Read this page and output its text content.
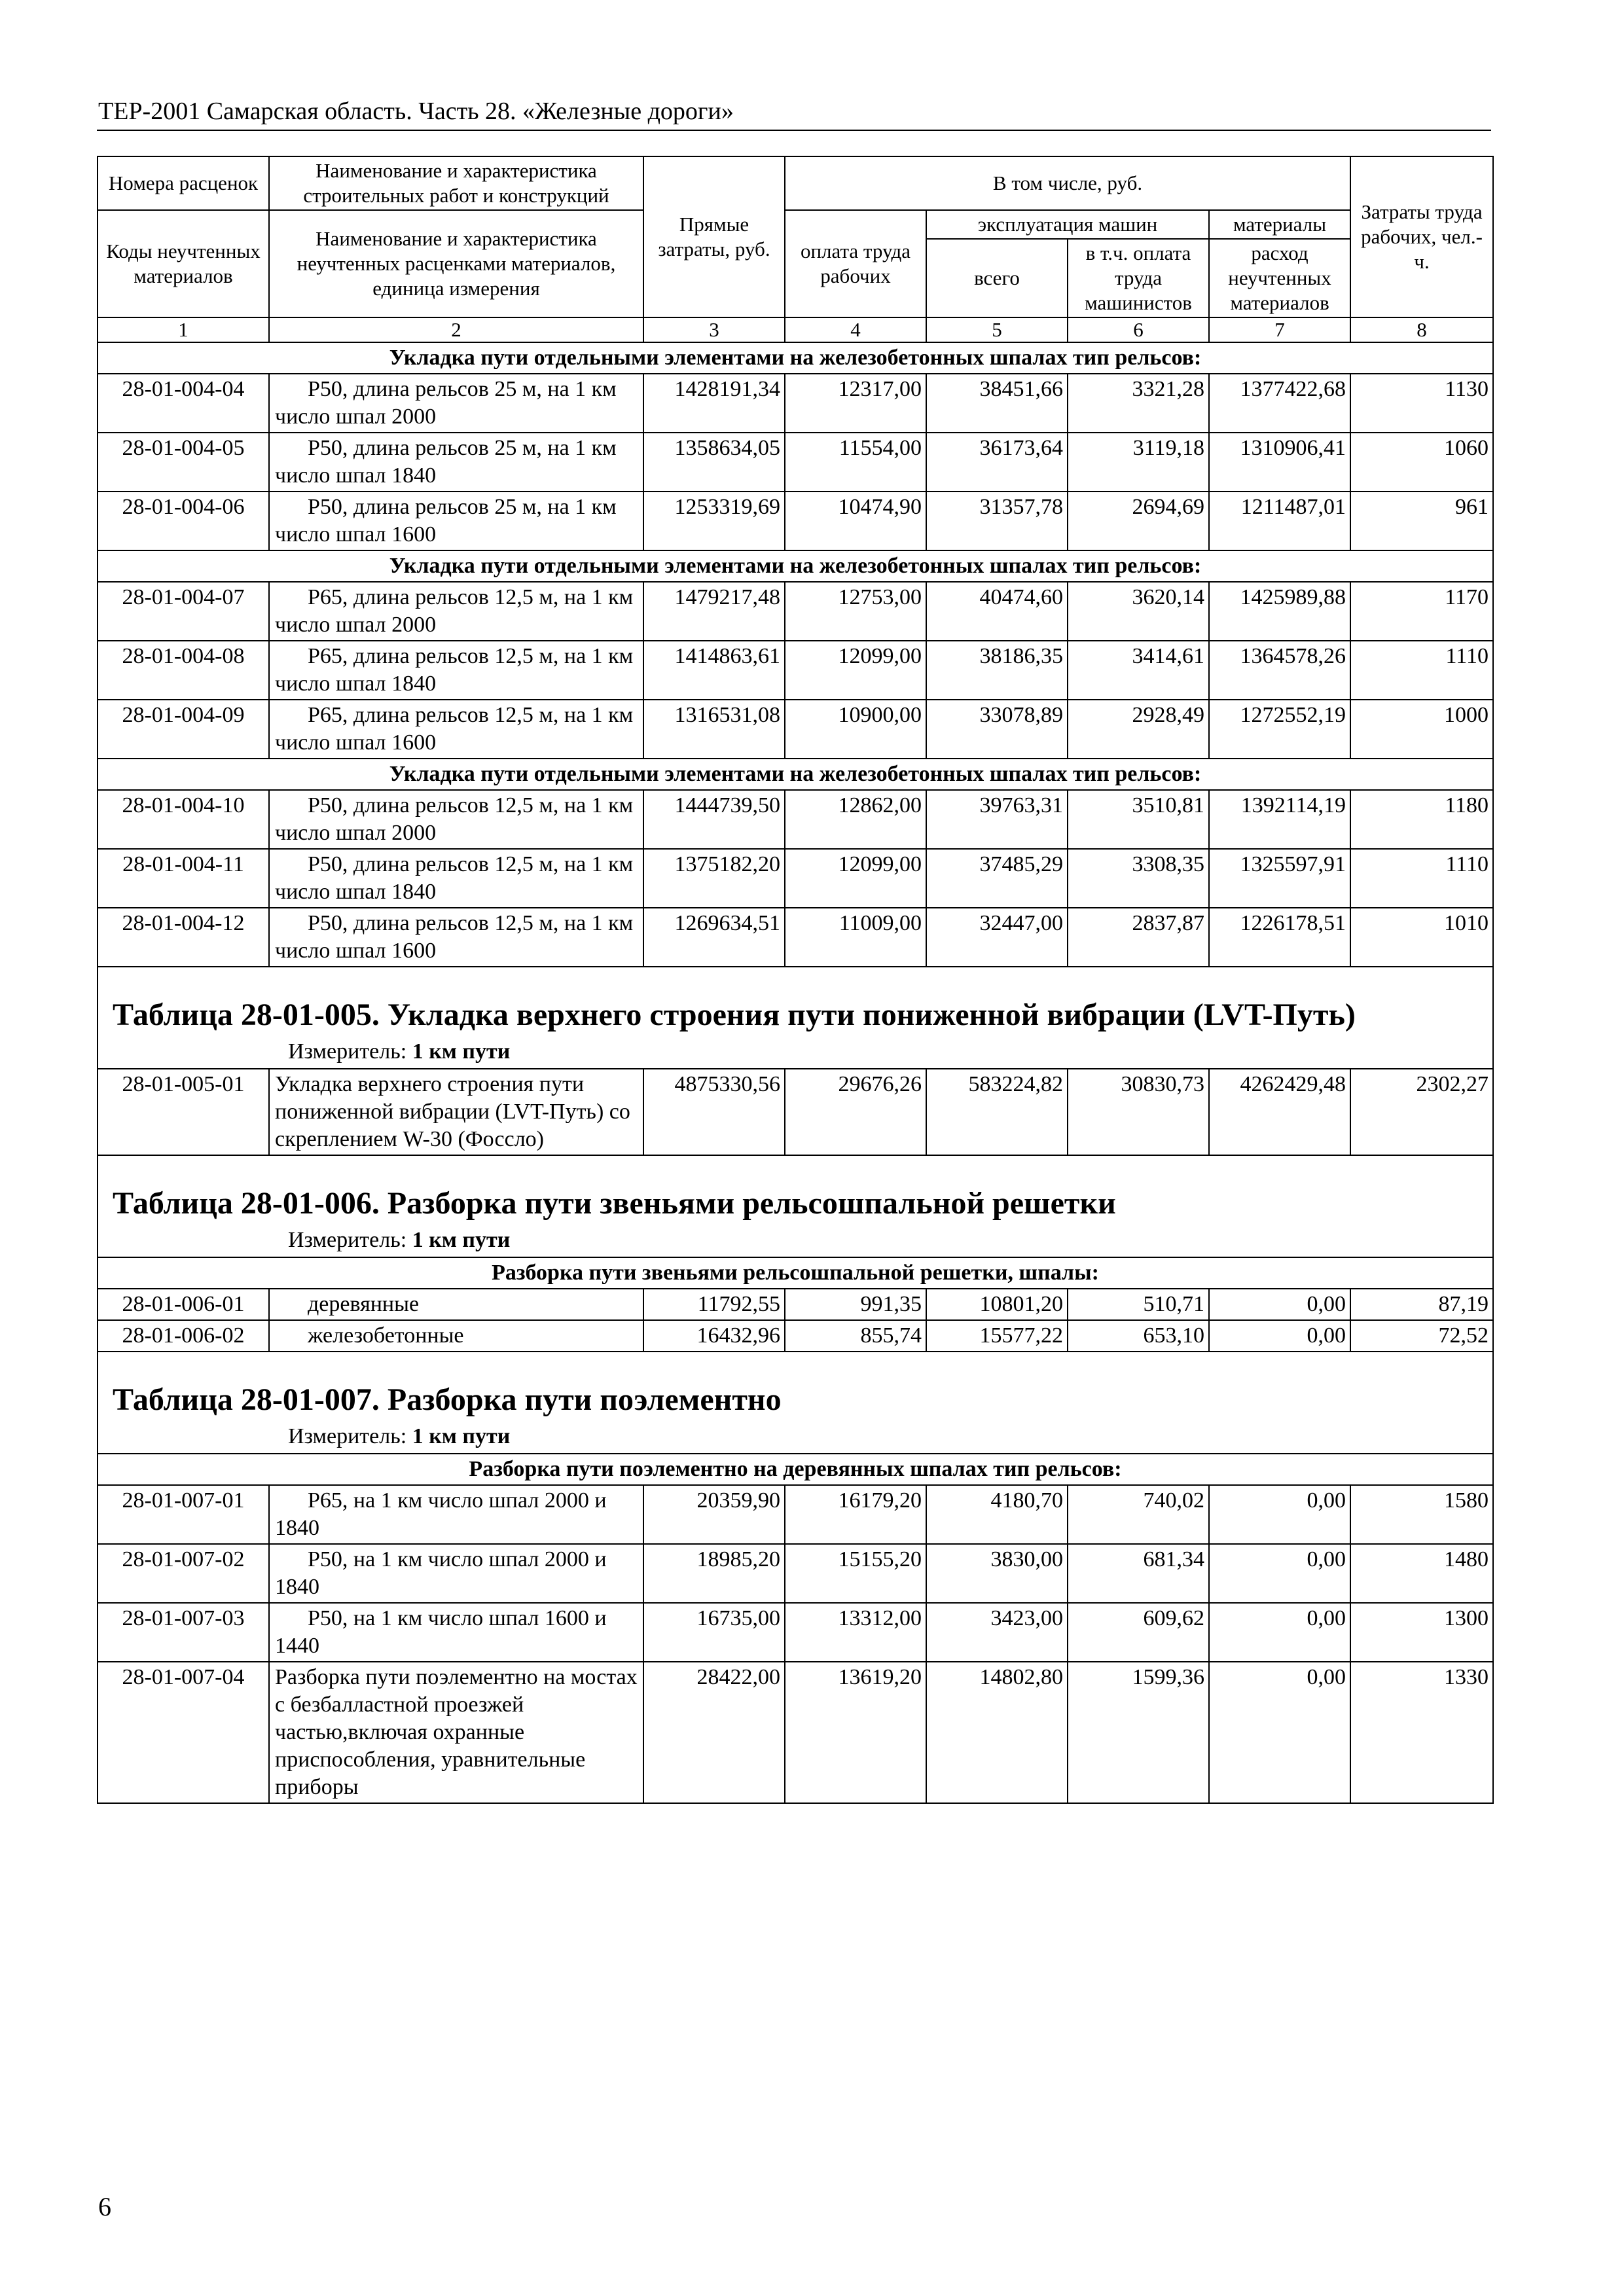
ТЕР-2001 Самарская область. Часть 28. «Железные дороги»
Номера расценок	Наименование и характеристика строительных работ и конструкций	Прямые затраты, руб.	В том числе, руб.				Затраты труда рабочих, чел.-ч.
Коды неучтенных материалов	Наименование и характеристика неучтенных расценками материалов, единица измерения		оплата труда рабочих	эксплуатация машин		материалы	
				всего	в т.ч. оплата труда машинистов	расход неучтенных материалов	
1	2	3	4	5	6	7	8
Укладка пути отдельными элементами на железобетонных шпалах тип рельсов:							
28-01-004-04	Р50, длина рельсов 25 м, на 1 км число шпал 2000	1428191,34	12317,00	38451,66	3321,28	1377422,68	1130
28-01-004-05	Р50, длина рельсов 25 м, на 1 км число шпал 1840	1358634,05	11554,00	36173,64	3119,18	1310906,41	1060
28-01-004-06	Р50, длина рельсов 25 м, на 1 км число шпал 1600	1253319,69	10474,90	31357,78	2694,69	1211487,01	961
Укладка пути отдельными элементами на железобетонных шпалах тип рельсов:							
28-01-004-07	Р65, длина рельсов 12,5 м, на 1 км число шпал 2000	1479217,48	12753,00	40474,60	3620,14	1425989,88	1170
28-01-004-08	Р65, длина рельсов 12,5 м, на 1 км число шпал 1840	1414863,61	12099,00	38186,35	3414,61	1364578,26	1110
28-01-004-09	Р65, длина рельсов 12,5 м, на 1 км число шпал 1600	1316531,08	10900,00	33078,89	2928,49	1272552,19	1000
Укладка пути отдельными элементами на железобетонных шпалах тип рельсов:							
28-01-004-10	Р50, длина рельсов 12,5 м, на 1 км число шпал 2000	1444739,50	12862,00	39763,31	3510,81	1392114,19	1180
28-01-004-11	Р50, длина рельсов 12,5 м, на 1 км число шпал 1840	1375182,20	12099,00	37485,29	3308,35	1325597,91	1110
28-01-004-12	Р50, длина рельсов 12,5 м, на 1 км число шпал 1600	1269634,51	11009,00	32447,00	2837,87	1226178,51	1010
Таблица 28-01-005. Укладка верхнего строения пути пониженной вибрации (LVT-Путь)							
Измеритель: 1 км пути							
28-01-005-01	Укладка верхнего строения пути пониженной вибрации (LVT-Путь) со скреплением W-30 (Фоссло)	4875330,56	29676,26	583224,82	30830,73	4262429,48	2302,27
Таблица 28-01-006. Разборка пути звеньями рельсошпальной решетки							
Измеритель: 1 км пути							
Разборка пути звеньями рельсошпальной решетки, шпалы:							
28-01-006-01	деревянные	11792,55	991,35	10801,20	510,71	0,00	87,19
28-01-006-02	железобетонные	16432,96	855,74	15577,22	653,10	0,00	72,52
Таблица 28-01-007. Разборка пути поэлементно							
Измеритель: 1 км пути							
Разборка пути поэлементно на деревянных шпалах тип рельсов:							
28-01-007-01	Р65, на 1 км число шпал 2000 и 1840	20359,90	16179,20	4180,70	740,02	0,00	1580
28-01-007-02	Р50, на 1 км число шпал 2000 и 1840	18985,20	15155,20	3830,00	681,34	0,00	1480
28-01-007-03	Р50, на 1 км число шпал 1600 и 1440	16735,00	13312,00	3423,00	609,62	0,00	1300
28-01-007-04	Разборка пути поэлементно на мостах с безбалластной проезжей частью,включая охранные приспособления, уравнительные приборы	28422,00	13619,20	14802,80	1599,36	0,00	1330
6
